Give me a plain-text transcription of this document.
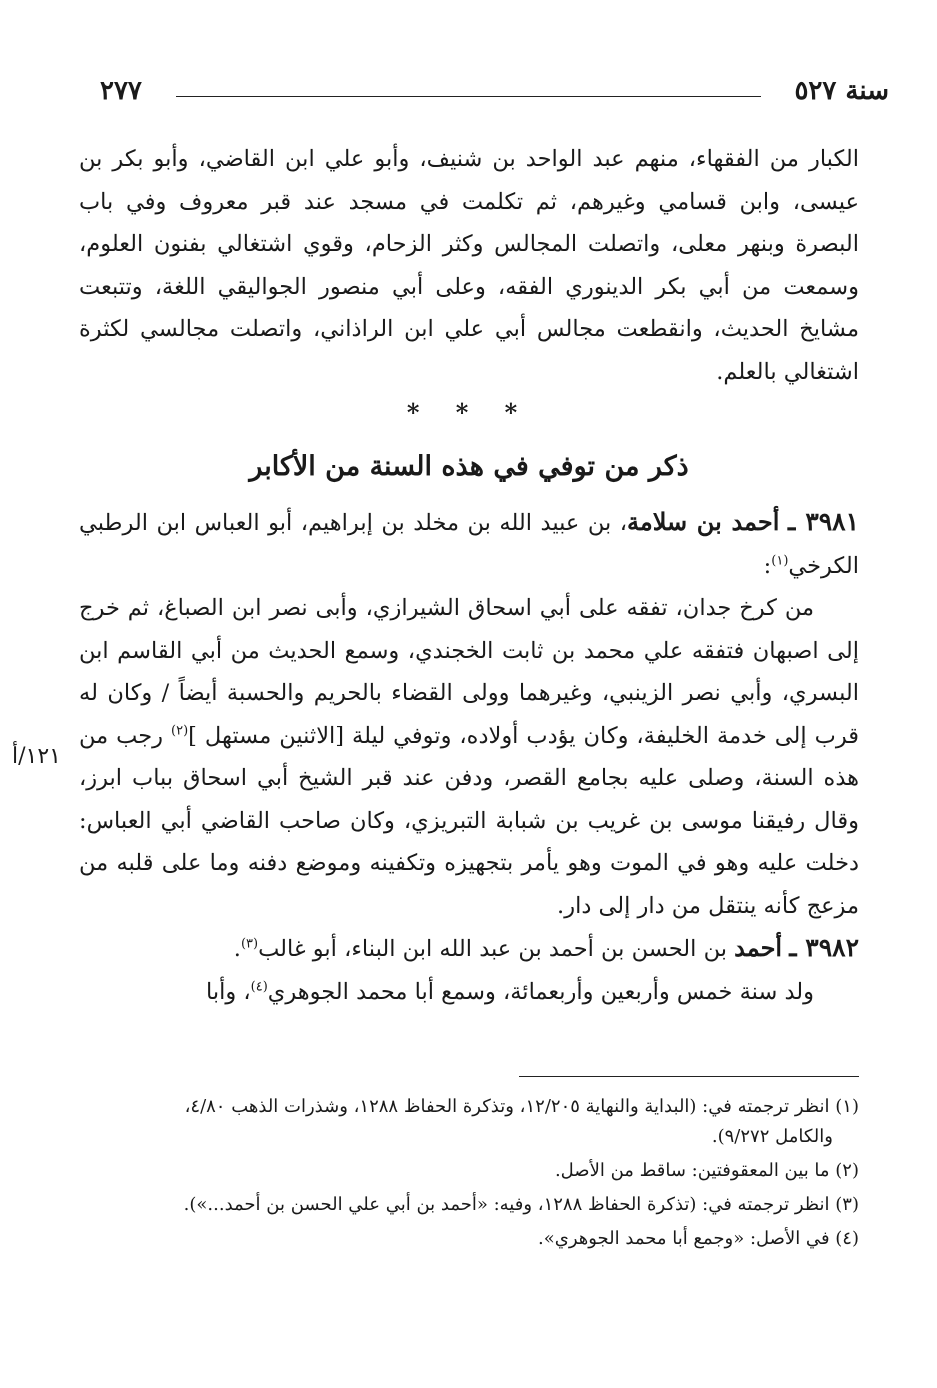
سنة ٥٢٧
٢٧٧
١٢١/أ

الكبار من الفقهاء، منهم عبد الواحد بن شنيف، وأبو علي ابن القاضي، وأبو بكر بن عيسى، وابن قسامي وغيرهم، ثم تكلمت في مسجد عند قبر معروف وفي باب البصرة وبنهر معلى، واتصلت المجالس وكثر الزحام، وقوي اشتغالي بفنون العلوم، وسمعت من أبي بكر الدينوري الفقه، وعلى أبي منصور الجواليقي اللغة، وتتبعت مشايخ الحديث، وانقطعت مجالس أبي علي ابن الراذاني، واتصلت مجالسي لكثرة اشتغالي بالعلم.

* * *

ذكر من توفي في هذه السنة من الأكابر

٣٩٨١ ـ أحمد بن سلامة، بن عبيد الله بن مخلد بن إبراهيم، أبو العباس ابن الرطبي الكرخي$^{(١)}$:

من كرخ جدان، تفقه على أبي اسحاق الشيرازي، وأبى نصر ابن الصباغ، ثم خرج إلى اصبهان فتفقه علي محمد بن ثابت الخجندي، وسمع الحديث من أبي القاسم ابن البسري، وأبي نصر الزينبي، وغيرهما وولى القضاء بالحريم والحسبة أيضاً / وكان له قرب إلى خدمة الخليفة، وكان يؤدب أولاده، وتوفي ليلة [الاثنين مستهل ]$^{(٢)}$ رجب من هذه السنة، وصلى عليه بجامع القصر، ودفن عند قبر الشيخ أبي اسحاق بباب ابرز، وقال رفيقنا موسى بن غريب بن شبابة التبريزي، وكان صاحب القاضي أبي العباس: دخلت عليه وهو في الموت وهو يأمر بتجهيزه وتكفينه وموضع دفنه وما على قلبه من مزعج كأنه ينتقل من دار إلى دار.

٣٩٨٢ ـ أحمد بن الحسن بن أحمد بن عبد الله ابن البناء، أبو غالب$^{(٣)}$.

ولد سنة خمس وأربعين وأربعمائة، وسمع أبا محمد الجوهري$^{(٤)}$، وأبا

(١) انظر ترجمته في: (البداية والنهاية ١٢/٢٠٥، وتذكرة الحفاظ ١٢٨٨، وشذرات الذهب ٤/٨٠،
والكامل ٩/٢٧٢).

(٢) ما بين المعقوفتين: ساقط من الأصل.

(٣) انظر ترجمته في: (تذكرة الحفاظ ١٢٨٨، وفيه: «أحمد بن أبي علي الحسن بن أحمد...»).

(٤) في الأصل: «وجمع أبا محمد الجوهري».
